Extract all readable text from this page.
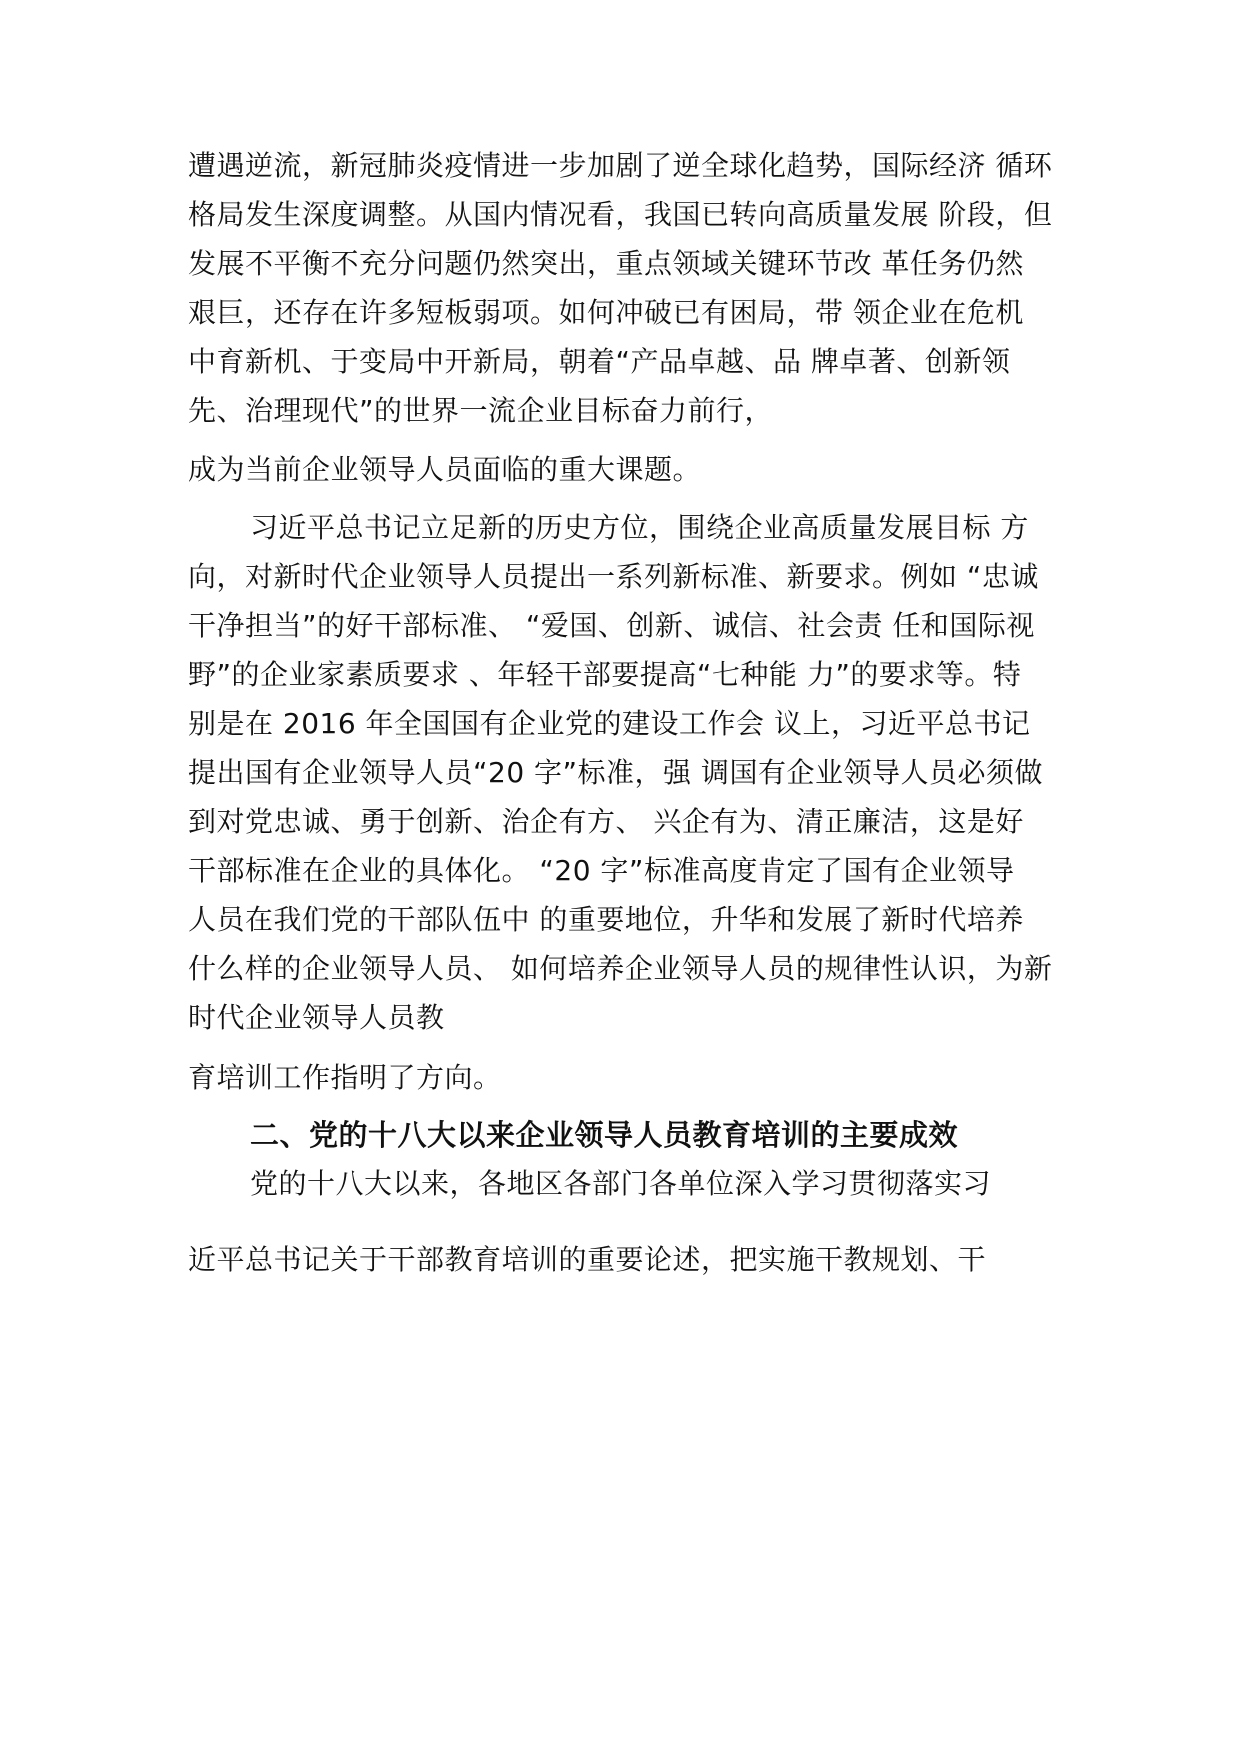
遭遇逆流，新冠肺炎疫情进一步加剧了逆全球化趋势，国际经济 循环
格局发生深度调整。从国内情况看，我国已转向高质量发展 阶段，但
发展不平衡不充分问题仍然突出，重点领域关键环节改 革任务仍然
艰巨，还存在许多短板弱项。如何冲破已有困局，带 领企业在危机
中育新机、于变局中开新局，朝着“产品卓越、品 牌卓著、创新领
先、治理现代”的世界一流企业目标奋力前行，
成为当前企业领导人员面临的重大课题。
习近平总书记立足新的历史方位，围绕企业高质量发展目标 方
向，对新时代企业领导人员提出一系列新标准、新要求。例如 “忠诚
干净担当”的好干部标准、 “爱国、创新、诚信、社会责 任和国际视
野”的企业家素质要求 、年轻干部要提高“七种能 力”的要求等。特
别是在 2016 年全国国有企业党的建设工作会 议上，习近平总书记
提出国有企业领导人员“20 字”标准，强 调国有企业领导人员必须做
到对党忠诚、勇于创新、治企有方、 兴企有为、清正廉洁，这是好
干部标准在企业的具体化。 “20 字”标准高度肯定了国有企业领导
人员在我们党的干部队伍中 的重要地位，升华和发展了新时代培养
什么样的企业领导人员、 如何培养企业领导人员的规律性认识，为新
时代企业领导人员教
育培训工作指明了方向。
二、党的十八大以来企业领导人员教育培训的主要成效
党的十八大以来，各地区各部门各单位深入学习贯彻落实习
近平总书记关于干部教育培训的重要论述，把实施干教规划、干
